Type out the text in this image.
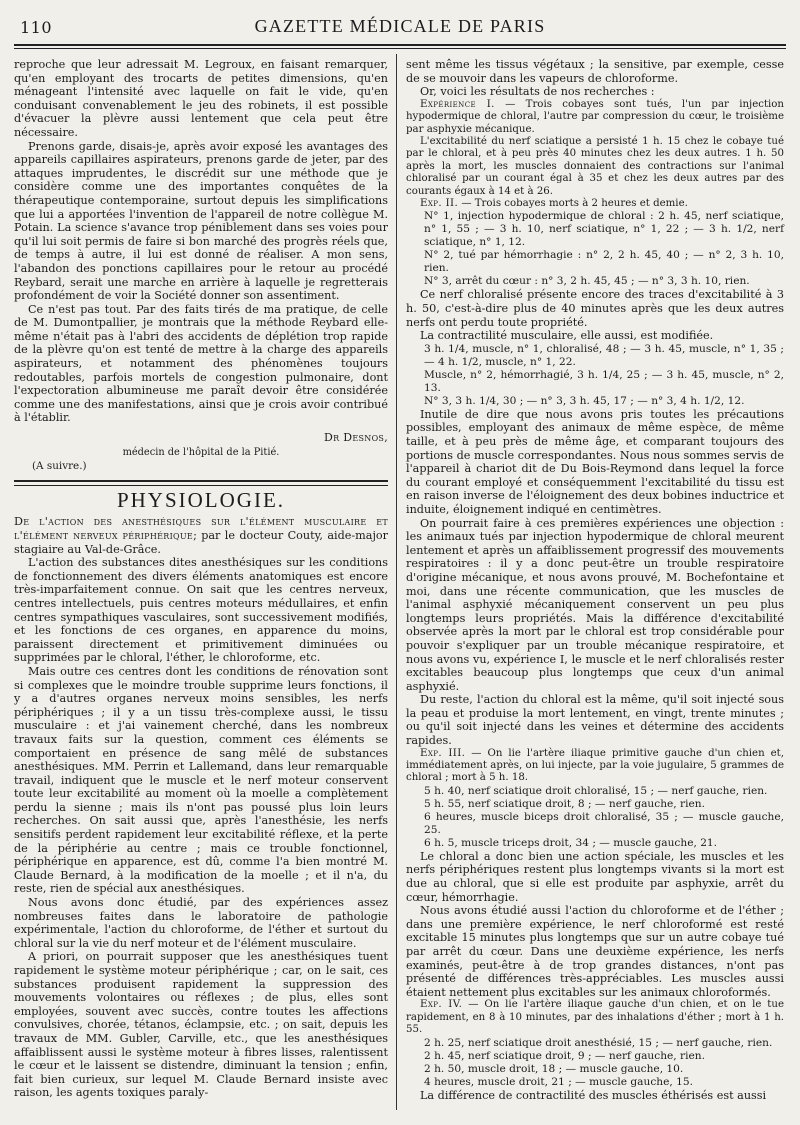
110	GAZETTE MÉDICALE DE PARIS

reproche que leur adressait M. Legroux, en faisant remarquer, qu'en employant des trocarts de petites dimensions, qu'en ménageant l'intensité avec laquelle on fait le vide, qu'en conduisant convenablement le jeu des robinets, il est possible d'évacuer la plèvre aussi lentement que cela peut être nécessaire.

Prenons garde, disais-je, après avoir exposé les avantages des appareils capillaires aspirateurs, prenons garde de jeter, par des attaques imprudentes, le discrédit sur une méthode que je considère comme une des importantes conquêtes de la thérapeutique contemporaine, surtout depuis les simplifications que lui a apportées l'invention de l'appareil de notre collègue M. Potain. La science s'avance trop péniblement dans ses voies pour qu'il lui soit permis de faire si bon marché des progrès réels que, de temps à autre, il lui est donné de réaliser. A mon sens, l'abandon des ponctions capillaires pour le retour au procédé Reybard, serait une marche en arrière à laquelle je regretterais profondément de voir la Société donner son assentiment.

Ce n'est pas tout. Par des faits tirés de ma pratique, de celle de M. Dumontpallier, je montrais que la méthode Reybard elle-même n'était pas à l'abri des accidents de déplétion trop rapide de la plèvre qu'on est tenté de mettre à la charge des appareils aspirateurs, et notamment des phénomènes toujours redoutables, parfois mortels de congestion pulmonaire, dont l'expectoration albumineuse me paraît devoir être considérée comme une des manifestations, ainsi que je crois avoir contribué à l'établir.

Dr Desnos,
médecin de l'hôpital de la Pitié.

(A suivre.)

PHYSIOLOGIE.

De l'action des anesthésiques sur l'élément musculaire et l'élément nerveux périphérique; par le docteur Couty, aide-major stagiaire au Val-de-Grâce.

L'action des substances dites anesthésiques sur les conditions de fonctionnement des divers éléments anatomiques est encore très-imparfaitement connue. On sait que les centres nerveux, centres intellectuels, puis centres moteurs médullaires, et enfin centres sympathiques vasculaires, sont successivement modifiés, et les fonctions de ces organes, en apparence du moins, paraissent directement et primitivement diminuées ou supprimées par le chloral, l'éther, le chloroforme, etc.

Mais outre ces centres dont les conditions de rénovation sont si complexes que le moindre trouble supprime leurs fonctions, il y a d'autres organes nerveux moins sensibles, les nerfs périphériques ; il y a un tissu très-complexe aussi, le tissu musculaire : et j'ai vainement cherché, dans les nombreux travaux faits sur la question, comment ces éléments se comportaient en présence de sang mêlé de substances anesthésiques. MM. Perrin et Lallemand, dans leur remarquable travail, indiquent que le muscle et le nerf moteur conservent toute leur excitabilité au moment où la moelle a complètement perdu la sienne ; mais ils n'ont pas poussé plus loin leurs recherches. On sait aussi que, après l'anesthésie, les nerfs sensitifs perdent rapidement leur excitabilité réflexe, et la perte de la périphérie au centre ; mais ce trouble fonctionnel, périphérique en apparence, est dû, comme l'a bien montré M. Claude Bernard, à la modification de la moelle ; et il n'a, du reste, rien de spécial aux anesthésiques.

Nous avons donc étudié, par des expériences assez nombreuses faites dans le laboratoire de pathologie expérimentale, l'action du chloroforme, de l'éther et surtout du chloral sur la vie du nerf moteur et de l'élément musculaire.

A priori, on pourrait supposer que les anesthésiques tuent rapidement le système moteur périphérique ; car, on le sait, ces substances produisent rapidement la suppression des mouvements volontaires ou réflexes ; de plus, elles sont employées, souvent avec succès, contre toutes les affections convulsives, chorée, tétanos, éclampsie, etc. ; on sait, depuis les travaux de MM. Gubler, Carville, etc., que les anesthésiques affaiblissent aussi le système moteur à fibres lisses, ralentissent le cœur et le laissent se distendre, diminuant la tension ; enfin, fait bien curieux, sur lequel M. Claude Bernard insiste avec raison, les agents toxiques paraly-

sent même les tissus végétaux ; la sensitive, par exemple, cesse de se mouvoir dans les vapeurs de chloroforme.

Or, voici les résultats de nos recherches :

Expérience I. — Trois cobayes sont tués, l'un par injection hypodermique de chloral, l'autre par compression du cœur, le troisième par asphyxie mécanique.

L'excitabilité du nerf sciatique a persisté 1 h. 15 chez le cobaye tué par le chloral, et à peu près 40 minutes chez les deux autres. 1 h. 50 après la mort, les muscles donnaient des contractions sur l'animal chloralisé par un courant égal à 35 et chez les deux autres par des courants égaux à 14 et à 26.

Exp. II. — Trois cobayes morts à 2 heures et demie.

N° 1, injection hypodermique de chloral : 2 h. 45, nerf sciatique, n° 1, 55 ; — 3 h. 10, nerf sciatique, n° 1, 22 ; — 3 h. 1/2, nerf sciatique, n° 1, 12.

N° 2, tué par hémorrhagie : n° 2, 2 h. 45, 40 ; — n° 2, 3 h. 10, rien.

N° 3, arrêt du cœur : n° 3, 2 h. 45, 45 ; — n° 3, 3 h. 10, rien.

Ce nerf chloralisé présente encore des traces d'excitabilité à 3 h. 50, c'est-à-dire plus de 40 minutes après que les deux autres nerfs ont perdu toute propriété.

La contractilité musculaire, elle aussi, est modifiée.

3 h. 1/4, muscle, n° 1, chloralisé, 48 ; — 3 h. 45, muscle, n° 1, 35 ; — 4 h. 1/2, muscle, n° 1, 22.

Muscle, n° 2, hémorrhagié, 3 h. 1/4, 25 ; — 3 h. 45, muscle, n° 2, 13.

N° 3, 3 h. 1/4, 30 ; — n° 3, 3 h. 45, 17 ; — n° 3, 4 h. 1/2, 12.

Inutile de dire que nous avons pris toutes les précautions possibles, employant des animaux de même espèce, de même taille, et à peu près de même âge, et comparant toujours des portions de muscle correspondantes. Nous nous sommes servis de l'appareil à chariot dit de Du Bois-Reymond dans lequel la force du courant employé et conséquemment l'excitabilité du tissu est en raison inverse de l'éloignement des deux bobines inductrice et induite, éloignement indiqué en centimètres.

On pourrait faire à ces premières expériences une objection : les animaux tués par injection hypodermique de chloral meurent lentement et après un affaiblissement progressif des mouvements respiratoires : il y a donc peut-être un trouble respiratoire d'origine mécanique, et nous avons prouvé, M. Bochefontaine et moi, dans une récente communication, que les muscles de l'animal asphyxié mécaniquement conservent un peu plus longtemps leurs propriétés. Mais la différence d'excitabilité observée après la mort par le chloral est trop considérable pour pouvoir s'expliquer par un trouble mécanique respiratoire, et nous avons vu, expérience I, le muscle et le nerf chloralisés rester excitables beaucoup plus longtemps que ceux d'un animal asphyxié.

Du reste, l'action du chloral est la même, qu'il soit injecté sous la peau et produise la mort lentement, en vingt, trente minutes ; ou qu'il soit injecté dans les veines et détermine des accidents rapides.

Exp. III. — On lie l'artère iliaque primitive gauche d'un chien et, immédiatement après, on lui injecte, par la voie jugulaire, 5 grammes de chloral ; mort à 5 h. 18.

5 h. 40, nerf sciatique droit chloralisé, 15 ; — nerf gauche, rien.

5 h. 55, nerf sciatique droit, 8 ; — nerf gauche, rien.

6 heures, muscle biceps droit chloralisé, 35 ; — muscle gauche, 25.

6 h. 5, muscle triceps droit, 34 ; — muscle gauche, 21.

Le chloral a donc bien une action spéciale, les muscles et les nerfs périphériques restent plus longtemps vivants si la mort est due au chloral, que si elle est produite par asphyxie, arrêt du cœur, hémorrhagie.

Nous avons étudié aussi l'action du chloroforme et de l'éther ; dans une première expérience, le nerf chloroformé est resté excitable 15 minutes plus longtemps que sur un autre cobaye tué par arrêt du cœur. Dans une deuxième expérience, les nerfs examinés, peut-être à de trop grandes distances, n'ont pas présenté de différences très-appréciables. Les muscles aussi étaient nettement plus excitables sur les animaux chloroformés.

Exp. IV. — On lie l'artère iliaque gauche d'un chien, et on le tue rapidement, en 8 à 10 minutes, par des inhalations d'éther ; mort à 1 h. 55.

2 h. 25, nerf sciatique droit anesthésié, 15 ; — nerf gauche, rien.

2 h. 45, nerf sciatique droit, 9 ; — nerf gauche, rien.

2 h. 50, muscle droit, 18 ; — muscle gauche, 10.

4 heures, muscle droit, 21 ; — muscle gauche, 15.

La différence de contractilité des muscles éthérisés est aussi
